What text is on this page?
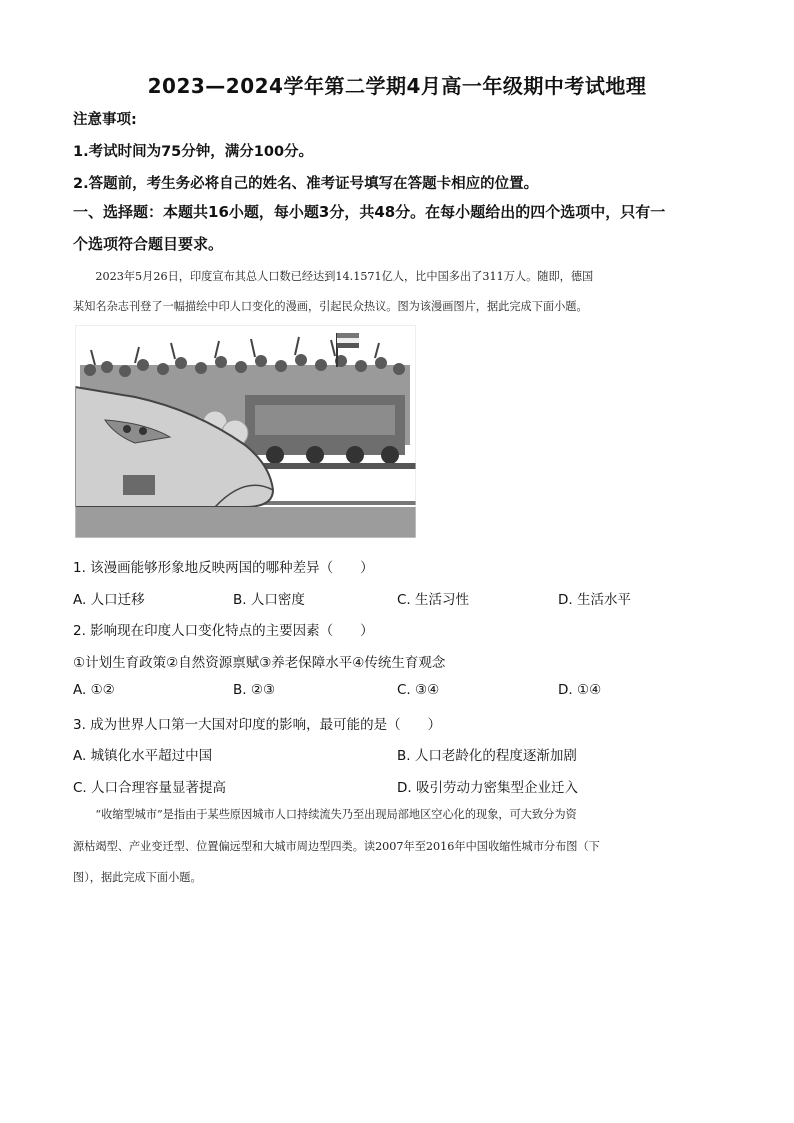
2023—2024学年第二学期4月高一年级期中考试地理
注意事项:
1.考试时间为75分钟，满分100分。
2.答题前，考生务必将自己的姓名、准考证号填写在答题卡相应的位置。
一、选择题：本题共16小题，每小题3分，共48分。在每小题给出的四个选项中，只有一
个选项符合题目要求。
2023年5月26日，印度宣布其总人口数已经达到14.1571亿人，比中国多出了311万人。随即，德国
某知名杂志刊登了一幅描绘中印人口变化的漫画，引起民众热议。图为该漫画图片，据此完成下面小题。
1. 该漫画能够形象地反映两国的哪种差异（　　）
A. 人口迁移	B. 人口密度	C. 生活习性	D. 生活水平
2. 影响现在印度人口变化特点的主要因素（　　）
①计划生育政策②自然资源禀赋③养老保障水平④传统生育观念
A. ①②	B. ②③	C. ③④	D. ①④
3. 成为世界人口第一大国对印度的影响，最可能的是（　　）
A. 城镇化水平超过中国	B. 人口老龄化的程度逐渐加剧
C. 人口合理容量显著提高	D. 吸引劳动力密集型企业迁入
“收缩型城市”是指由于某些原因城市人口持续流失乃至出现局部地区空心化的现象，可大致分为资
源枯竭型、产业变迁型、位置偏远型和大城市周边型四类。读2007年至2016年中国收缩性城市分布图（下
图），据此完成下面小题。
